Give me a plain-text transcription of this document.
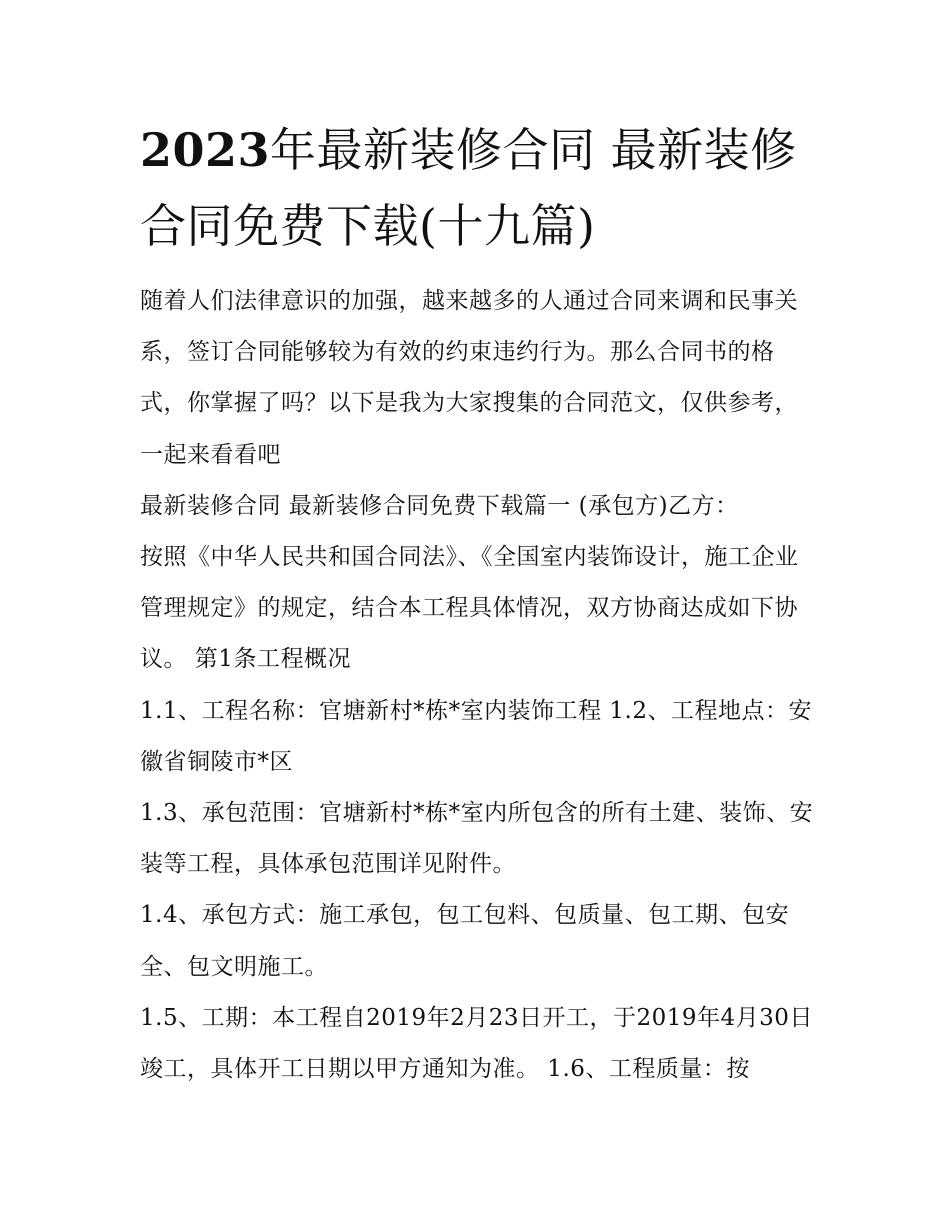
2023年最新装修合同 最新装修合同免费下载(十九篇)

随着人们法律意识的加强，越来越多的人通过合同来调和民事关系，签订合同能够较为有效的约束违约行为。那么合同书的格式，你掌握了吗？以下是我为大家搜集的合同范文，仅供参考，一起来看看吧

最新装修合同 最新装修合同免费下载篇一 (承包方)乙方：

按照《中华人民共和国合同法》、《全国室内装饰设计，施工企业管理规定》的规定，结合本工程具体情况，双方协商达成如下协议。 第1条工程概况

1.1、工程名称：官塘新村*栋*室内装饰工程 1.2、工程地点：安徽省铜陵市*区

1.3、承包范围：官塘新村*栋*室内所包含的所有土建、装饰、安装等工程，具体承包范围详见附件。

1.4、承包方式：施工承包，包工包料、包质量、包工期、包安全、包文明施工。

1.5、工期：本工程自2019年2月23日开工，于2019年4月30日竣工，具体开工日期以甲方通知为准。 1.6、工程质量：按
